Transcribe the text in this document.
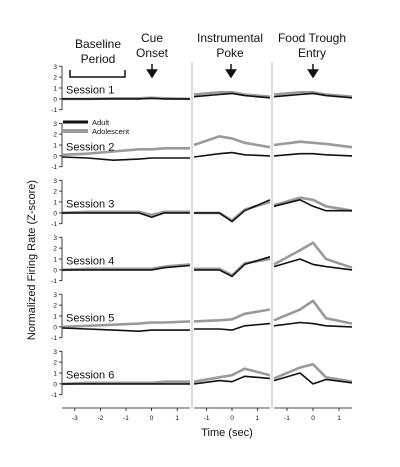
Baseline
Period
Cue
Onset
Instrumental
Poke
Food Trough
Entry
Adult
Adolescent
Normalized Firing Rate (Z-score)
Time (sec)
3
2
1
0
-1
Session 1
3
2
1
0
-1
Session 2
3
2
1
0
-1
Session 3
3
2
1
0
-1
Session 4
3
2
1
0
-1
Session 5
3
2
1
0
-1
Session 6
-3	-2	-1	0	1	-1	0	1	-1	0	1
